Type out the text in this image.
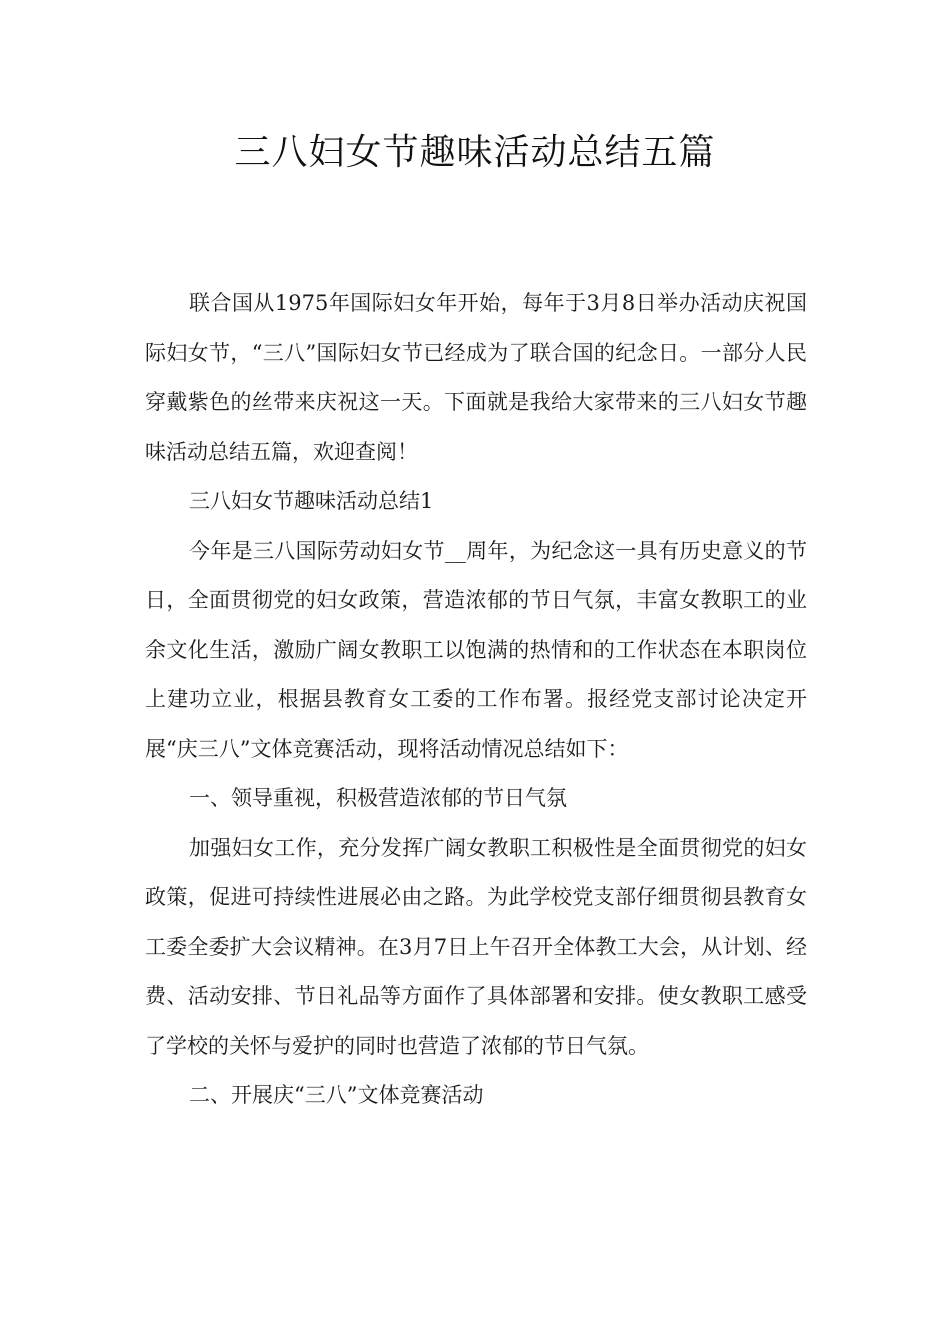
三八妇女节趣味活动总结五篇

联合国从1975年国际妇女年开始，每年于3月8日举办活动庆祝国际妇女节，“三八”国际妇女节已经成为了联合国的纪念日。一部分人民穿戴紫色的丝带来庆祝这一天。下面就是我给大家带来的三八妇女节趣味活动总结五篇，欢迎查阅！

三八妇女节趣味活动总结1

今年是三八国际劳动妇女节__周年，为纪念这一具有历史意义的节日，全面贯彻党的妇女政策，营造浓郁的节日气氛，丰富女教职工的业余文化生活，激励广阔女教职工以饱满的热情和的工作状态在本职岗位上建功立业，根据县教育女工委的工作布署。报经党支部讨论决定开展“庆三八”文体竞赛活动，现将活动情况总结如下：

一、领导重视，积极营造浓郁的节日气氛

加强妇女工作，充分发挥广阔女教职工积极性是全面贯彻党的妇女政策，促进可持续性进展必由之路。为此学校党支部仔细贯彻县教育女工委全委扩大会议精神。在3月7日上午召开全体教工大会，从计划、经费、活动安排、节日礼品等方面作了具体部署和安排。使女教职工感受了学校的关怀与爱护的同时也营造了浓郁的节日气氛。

二、开展庆“三八”文体竞赛活动
